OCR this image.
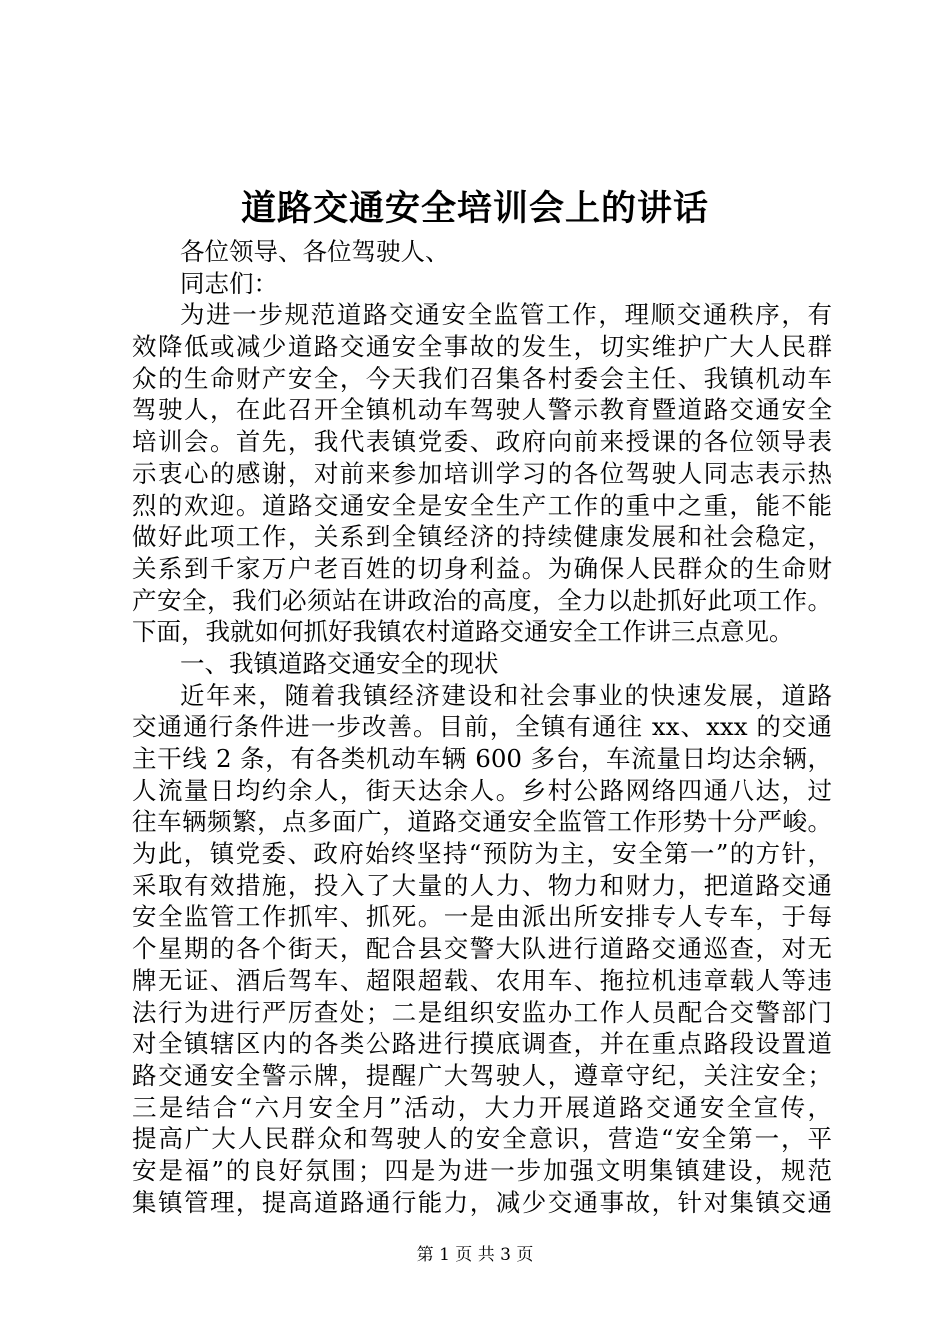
道路交通安全培训会上的讲话
各位领导、各位驾驶人、
同志们：
为进一步规范道路交通安全监管工作，理顺交通秩序，有
效降低或减少道路交通安全事故的发生，切实维护广大人民群
众的生命财产安全，今天我们召集各村委会主任、我镇机动车
驾驶人，在此召开全镇机动车驾驶人警示教育暨道路交通安全
培训会。首先，我代表镇党委、政府向前来授课的各位领导表
示衷心的感谢，对前来参加培训学习的各位驾驶人同志表示热
烈的欢迎。道路交通安全是安全生产工作的重中之重，能不能
做好此项工作，关系到全镇经济的持续健康发展和社会稳定，
关系到千家万户老百姓的切身利益。为确保人民群众的生命财
产安全，我们必须站在讲政治的高度，全力以赴抓好此项工作。
下面，我就如何抓好我镇农村道路交通安全工作讲三点意见。
一、我镇道路交通安全的现状
近年来，随着我镇经济建设和社会事业的快速发展，道路
交通通行条件进一步改善。目前，全镇有通往 xx、xxx 的交通
主干线 2 条，有各类机动车辆 600 多台，车流量日均达余辆，
人流量日均约余人，街天达余人。乡村公路网络四通八达，过
往车辆频繁，点多面广，道路交通安全监管工作形势十分严峻。
为此，镇党委、政府始终坚持“预防为主，安全第一”的方针，
采取有效措施，投入了大量的人力、物力和财力，把道路交通
安全监管工作抓牢、抓死。一是由派出所安排专人专车，于每
个星期的各个街天，配合县交警大队进行道路交通巡查，对无
牌无证、酒后驾车、超限超载、农用车、拖拉机违章载人等违
法行为进行严厉查处；二是组织安监办工作人员配合交警部门
对全镇辖区内的各类公路进行摸底调查，并在重点路段设置道
路交通安全警示牌，提醒广大驾驶人，遵章守纪，关注安全；
三是结合“六月安全月”活动，大力开展道路交通安全宣传，
提高广大人民群众和驾驶人的安全意识，营造“安全第一，平
安是福”的良好氛围；四是为进一步加强文明集镇建设，规范
集镇管理，提高道路通行能力，减少交通事故，针对集镇交通
第 1 页 共 3 页
